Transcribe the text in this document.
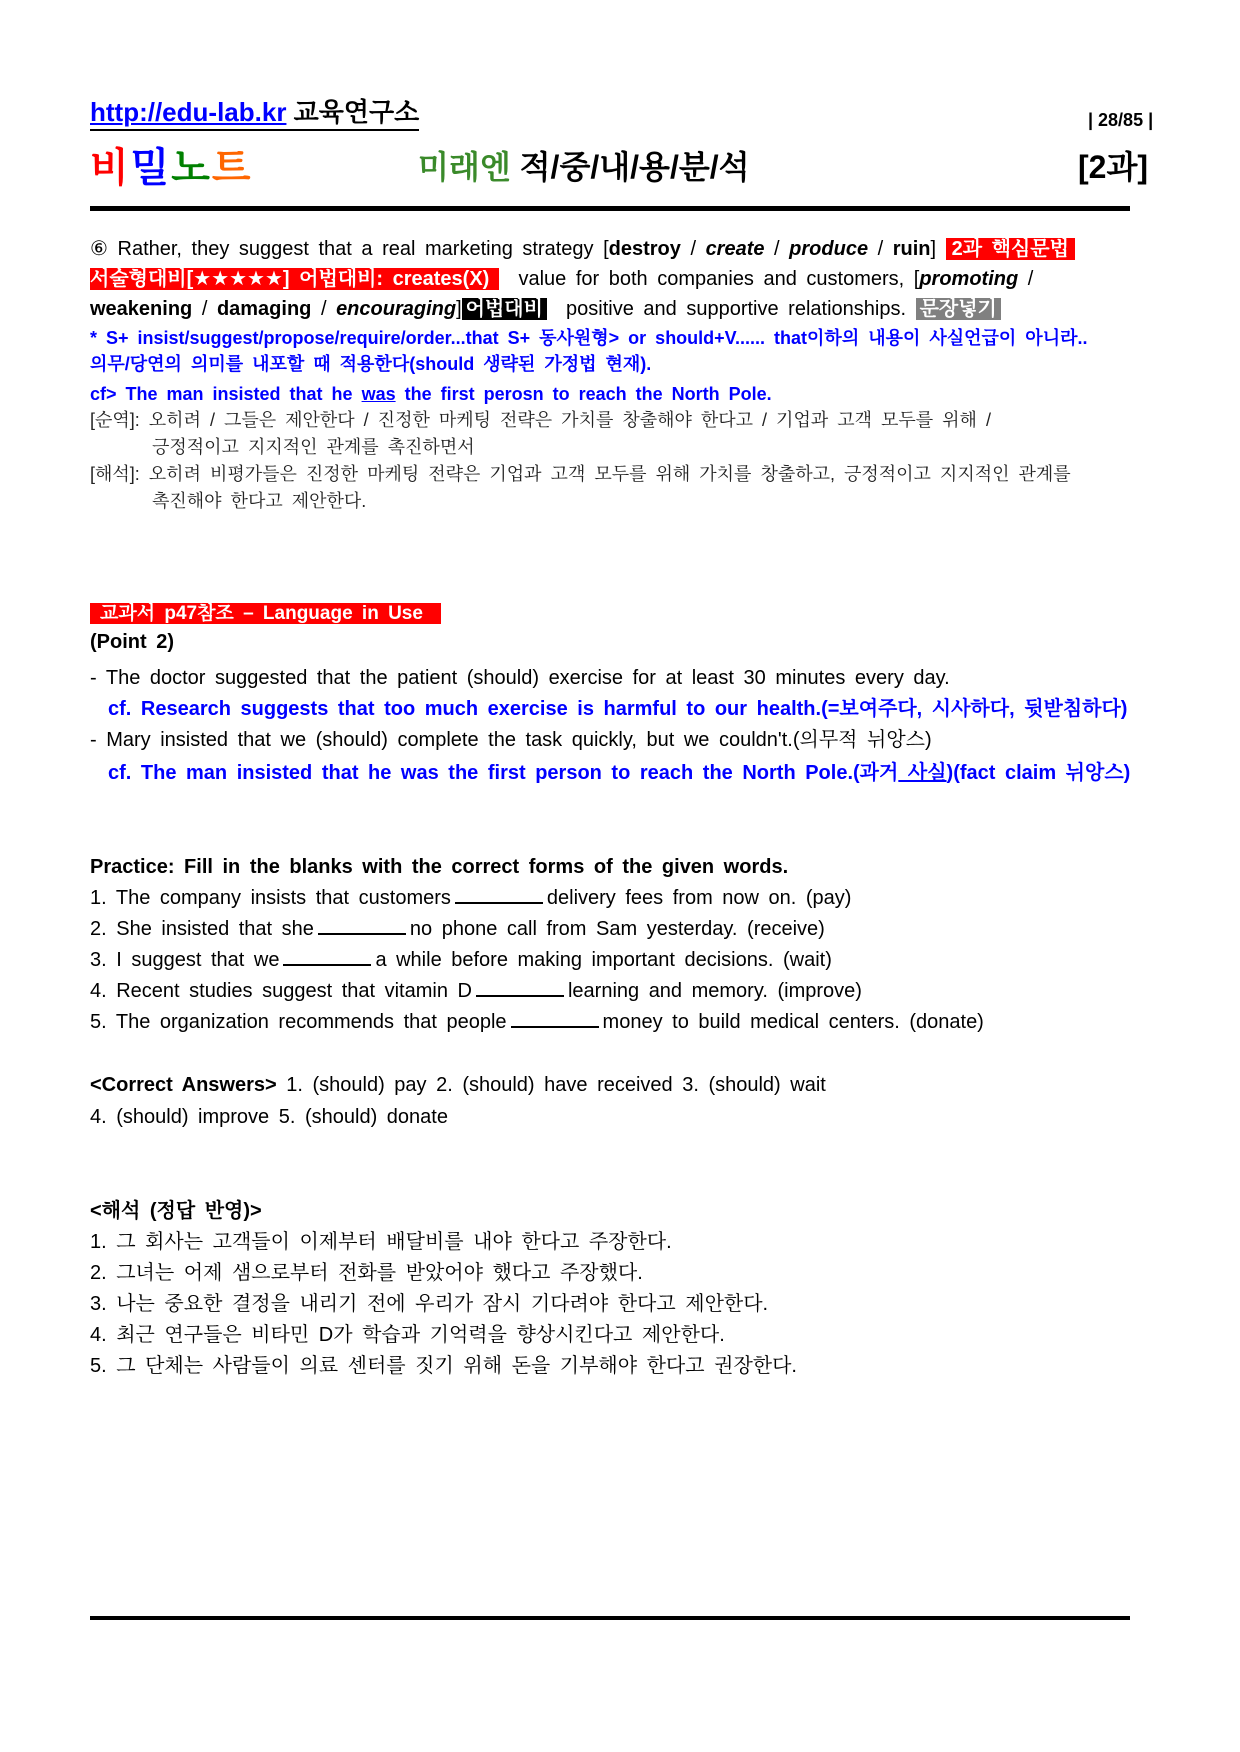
http://edu-lab.kr 교육연구소	| 28/85 |
비밀노트	미래엔 적/중/내/용/분/석	[2과]
⑥ Rather, they suggest that a real marketing strategy [destroy / create / produce / ruin] 2과 핵심문법
서술형대비[★★★★★] 어법대비: creates(X) value for both companies and customers, [promoting /
weakening / damaging / encouraging] 어법대비 positive and supportive relationships. 문장넣기
* S+ insist/suggest/propose/require/order...that S+ 동사원형> or should+V...... that이하의 내용이 사실언급이 아니라..
의무/당연의 의미를 내포할 때 적용한다(should 생략된 가정법 현재).
cf> The man insisted that he was the first perosn to reach the North Pole.
[순역]: 오히려 / 그들은 제안한다 / 진정한 마케팅 전략은 가치를 창출해야 한다고 / 기업과 고객 모두를 위해 /
긍정적이고 지지적인 관계를 촉진하면서
[해석]: 오히려 비평가들은 진정한 마케팅 전략은 기업과 고객 모두를 위해 가치를 창출하고, 긍정적이고 지지적인 관계를
촉진해야 한다고 제안한다.
교과서 p47참조 – Language in Use
(Point 2)
- The doctor suggested that the patient (should) exercise for at least 30 minutes every day.
cf. Research suggests that too much exercise is harmful to our health.(=보여주다, 시사하다, 뒷받침하다)
- Mary insisted that we (should) complete the task quickly, but we couldn't.(의무적 뉘앙스)
cf. The man insisted that he was the first person to reach the North Pole.(과거 사실)(fact claim 뉘앙스)
Practice: Fill in the blanks with the correct forms of the given words.
1. The company insists that customers	delivery fees from now on. (pay)
2. She insisted that she	no phone call from Sam yesterday. (receive)
3. I suggest that we	a while before making important decisions. (wait)
4. Recent studies suggest that vitamin D	learning and memory. (improve)
5. The organization recommends that people	money to build medical centers. (donate)
<Correct Answers> 1. (should) pay 2. (should) have received 3. (should) wait
4. (should) improve 5. (should) donate
<해석 (정답 반영)>
1. 그 회사는 고객들이 이제부터 배달비를 내야 한다고 주장한다.
2. 그녀는 어제 샘으로부터 전화를 받았어야 했다고 주장했다.
3. 나는 중요한 결정을 내리기 전에 우리가 잠시 기다려야 한다고 제안한다.
4. 최근 연구들은 비타민 D가 학습과 기억력을 향상시킨다고 제안한다.
5. 그 단체는 사람들이 의료 센터를 짓기 위해 돈을 기부해야 한다고 권장한다.
